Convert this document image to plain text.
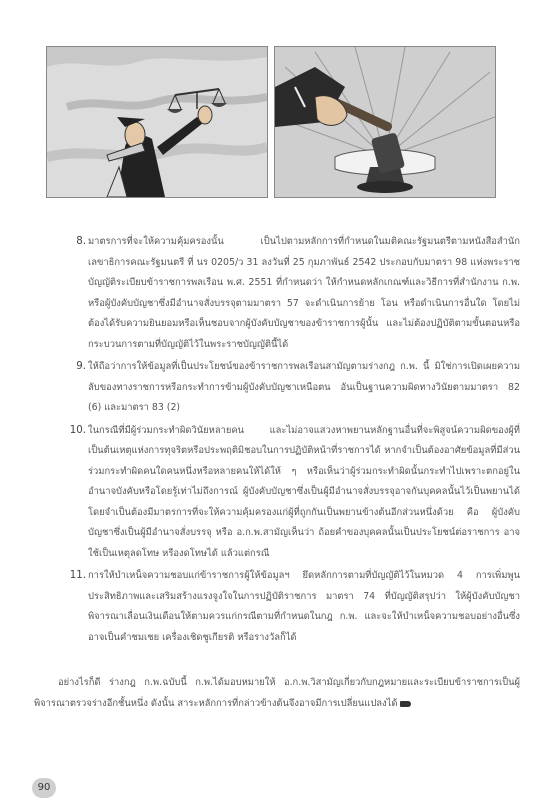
8. มาตรการที่จะให้ความคุ้มครองนั้น เป็นไปตามหลักการที่กำหนดในมติคณะรัฐมนตรีตามหนังสือสำนักเลขาธิการคณะรัฐมนตรี ที่ นร 0205/ว 31 ลงวันที่ 25 กุมภาพันธ์ 2542 ประกอบกับมาตรา 98 แห่งพระราชบัญญัติระเบียบข้าราชการพลเรือน พ.ศ. 2551 ที่กำหนดว่า ให้กำหนดหลักเกณฑ์และวิธีการที่สำนักงาน ก.พ. หรือผู้บังคับบัญชาซึ่งมีอำนาจสั่งบรรจุตามมาตรา 57 จะดำเนินการย้าย โอน หรือดำเนินการอื่นใด โดยไม่ต้องได้รับความยินยอมหรือเห็นชอบจากผู้บังคับบัญชาของข้าราชการผู้นั้น และไม่ต้องปฏิบัติตามขั้นตอนหรือกระบวนการตามที่บัญญัติไว้ในพระราชบัญญัตินี้ได้
9. ให้ถือว่าการให้ข้อมูลที่เป็นประโยชน์ของข้าราชการพลเรือนสามัญตามร่างกฎ ก.พ. นี้ มิใช่การเปิดเผยความลับของทางราชการหรือกระทำการข้ามผู้บังคับบัญชาเหนือตน อันเป็นฐานความผิดทางวินัยตามมาตรา 82 (6) และมาตรา 83 (2)
10. ในกรณีที่มีผู้ร่วมกระทำผิดวินัยหลายคน และไม่อาจแสวงหาพยานหลักฐานอื่นที่จะพิสูจน์ความผิดของผู้ที่เป็นต้นเหตุแห่งการทุจริตหรือประพฤติมิชอบในการปฏิบัติหน้าที่ราชการได้ หากจำเป็นต้องอาศัยข้อมูลที่มีส่วนร่วมกระทำผิดคนใดคนหนึ่งหรือหลายคนให้ได้ให้ ๆ หรือเห็นว่าผู้ร่วมกระทำผิดนั้นกระทำไปเพราะตกอยู่ในอำนาจบังคับหรือโดยรู้เท่าไม่ถึงการณ์ ผู้บังคับบัญชาซึ่งเป็นผู้มีอำนาจสั่งบรรจุอาจกันบุคคลนั้นไว้เป็นพยานได้ โดยจำเป็นต้องมีมาตรการที่จะให้ความคุ้มครองแก่ผู้ที่ถูกกันเป็นพยานข้างต้นอีกส่วนหนึ่งด้วย คือ ผู้บังคับบัญชาซึ่งเป็นผู้มีอำนาจสั่งบรรจุ หรือ อ.ก.พ.สามัญเห็นว่า ถ้อยคำของบุคคลนั้นเป็นประโยชน์ต่อราชการ อาจใช้เป็นเหตุลดโทษ หรืองดโทษได้ แล้วแต่กรณี
11. การให้บำเหน็จความชอบแก่ข้าราชการผู้ให้ข้อมูลฯ ยึดหลักการตามที่บัญญัติไว้ในหมวด 4 การเพิ่มพูนประสิทธิภาพและเสริมสร้างแรงจูงใจในการปฏิบัติราชการ มาตรา 74 ที่บัญญัติสรุปว่า ให้ผู้บังคับบัญชาพิจารณาเลื่อนเงินเดือนให้ตามควรแก่กรณีตามที่กำหนดในกฎ ก.พ. และจะให้บำเหน็จความชอบอย่างอื่นซึ่งอาจเป็นคำชมเชย เครื่องเชิดชูเกียรติ หรือรางวัลก็ได้

อย่างไรก็ดี ร่างกฎ ก.พ.ฉบับนี้ ก.พ.ได้มอบหมายให้ อ.ก.พ.วิสามัญเกี่ยวกับกฎหมายและระเบียบข้าราชการเป็นผู้พิจารณาตรวจร่างอีกชั้นหนึ่ง ดังนั้น สาระหลักการที่กล่าวข้างต้นจึงอาจมีการเปลี่ยนแปลงได้

90
